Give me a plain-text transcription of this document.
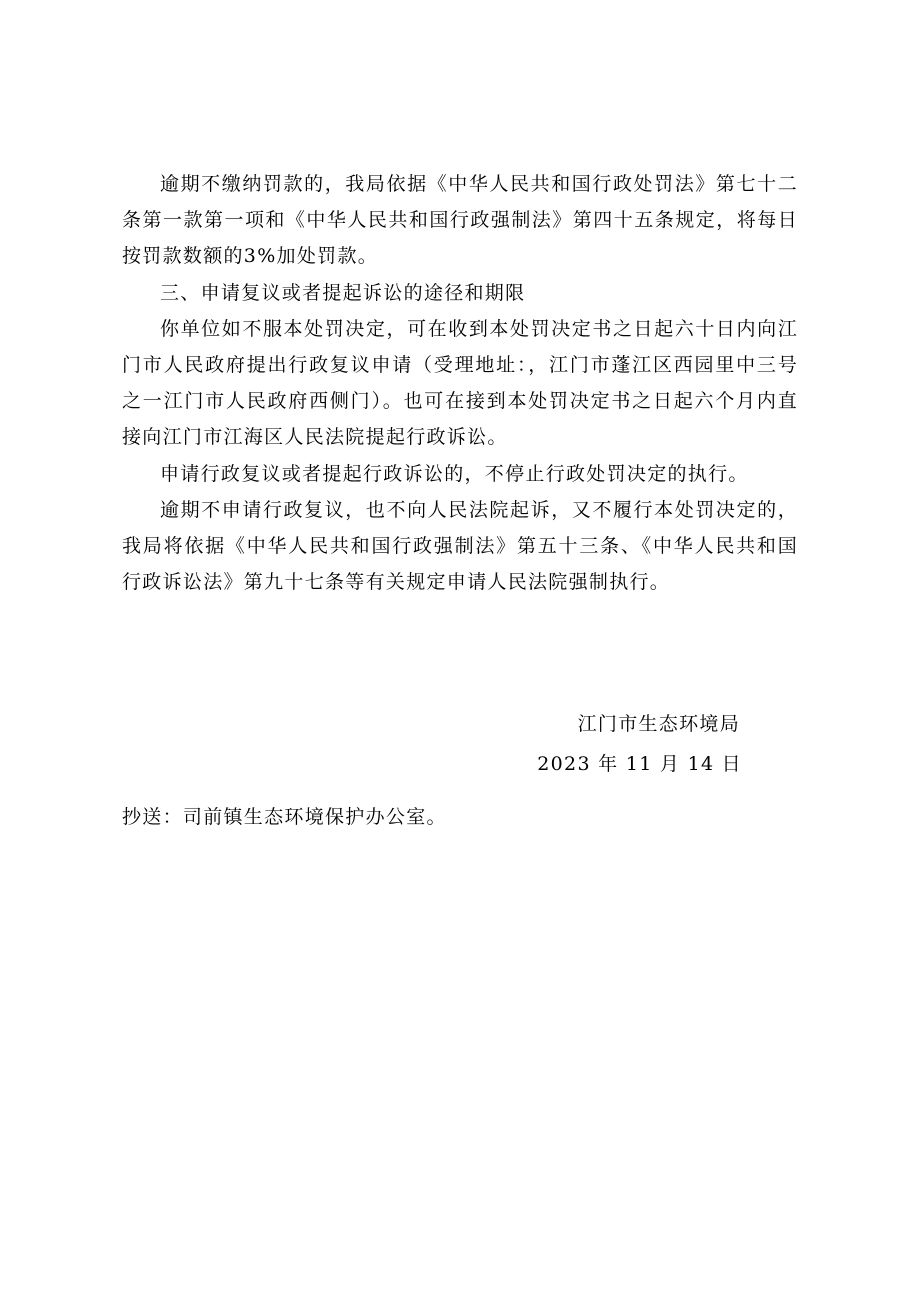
逾期不缴纳罚款的，我局依据《中华人民共和国行政处罚法》第七十二条第一款第一项和《中华人民共和国行政强制法》第四十五条规定，将每日按罚款数额的3%加处罚款。

三、申请复议或者提起诉讼的途径和期限

你单位如不服本处罚决定，可在收到本处罚决定书之日起六十日内向江门市人民政府提出行政复议申请（受理地址：，江门市蓬江区西园里中三号之一江门市人民政府西侧门）。也可在接到本处罚决定书之日起六个月内直接向江门市江海区人民法院提起行政诉讼。

申请行政复议或者提起行政诉讼的，不停止行政处罚决定的执行。

逾期不申请行政复议，也不向人民法院起诉，又不履行本处罚决定的，我局将依据《中华人民共和国行政强制法》第五十三条、《中华人民共和国行政诉讼法》第九十七条等有关规定申请人民法院强制执行。

江门市生态环境局
2023 年 11 月 14 日
抄送：司前镇生态环境保护办公室。
